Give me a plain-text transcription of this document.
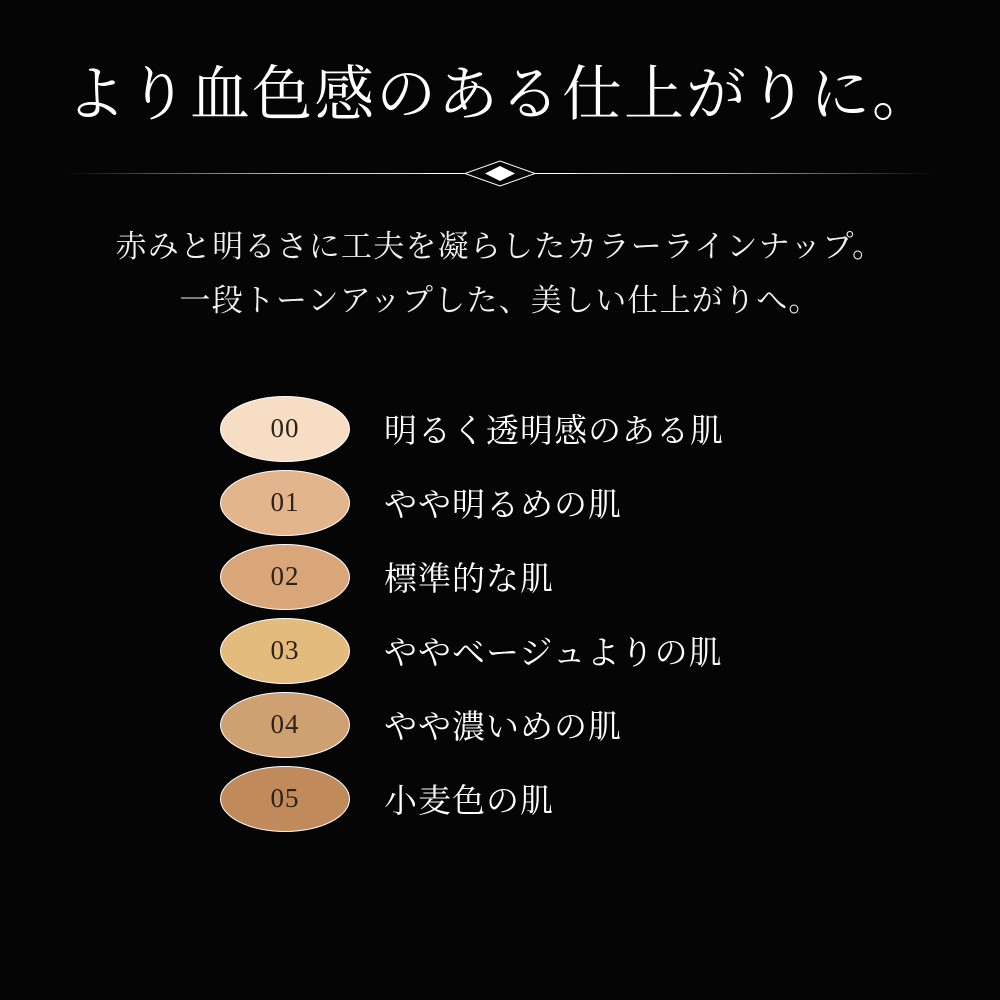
より血色感のある仕上がりに。
赤みと明るさに工夫を凝らしたカラーラインナップ。
一段トーンアップした、美しい仕上がりへ。
00	明るく透明感のある肌
01	やや明るめの肌
02	標準的な肌
03	ややベージュよりの肌
04	やや濃いめの肌
05	小麦色の肌
